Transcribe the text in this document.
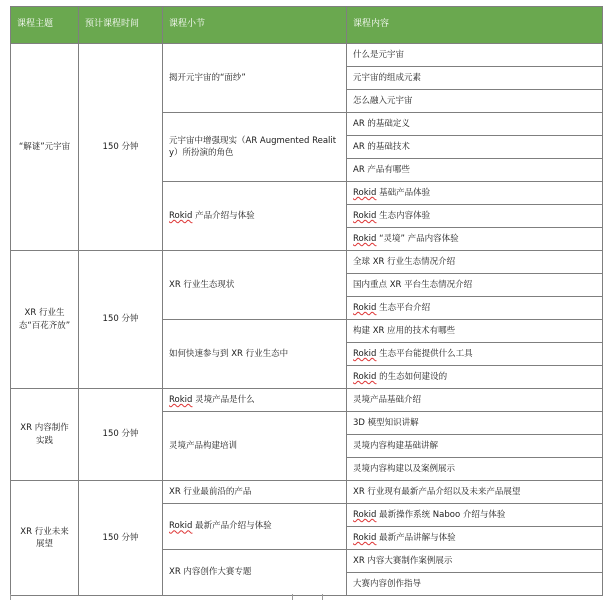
课程主题	预计课程时间	课程小节	课程内容
“解谜”元宇宙	150 分钟	揭开元宇宙的“面纱”	什么是元宇宙
			元宇宙的组成元素
			怎么融入元宇宙
		元宇宙中增强现实（AR Augmented Reality）所扮演的角色	AR 的基础定义
			AR 的基础技术
			AR 产品有哪些
		Rokid 产品介绍与体验	Rokid 基础产品体验
			Rokid 生态内容体验
			Rokid “灵境” 产品内容体验
XR 行业生态“百花齐放”	150 分钟	XR 行业生态现状	全球 XR 行业生态情况介绍
			国内重点 XR 平台生态情况介绍
			Rokid 生态平台介绍
		如何快速参与到 XR 行业生态中	构建 XR 应用的技术有哪些
			Rokid 生态平台能提供什么工具
			Rokid 的生态如何建设的
XR 内容制作实践	150 分钟	Rokid 灵境产品是什么	灵境产品基础介绍
		灵境产品构建培训	3D 模型知识讲解
			灵境内容构建基础讲解
			灵境内容构建以及案例展示
XR 行业未来展望	150 分钟	XR 行业最前沿的产品	XR 行业现有最新产品介绍以及未来产品展望
		Rokid 最新产品介绍与体验	Rokid 最新操作系统 Naboo 介绍与体验
			Rokid 最新产品讲解与体验
		XR 内容创作大赛专题	XR 内容大赛制作案例展示
			大赛内容创作指导
